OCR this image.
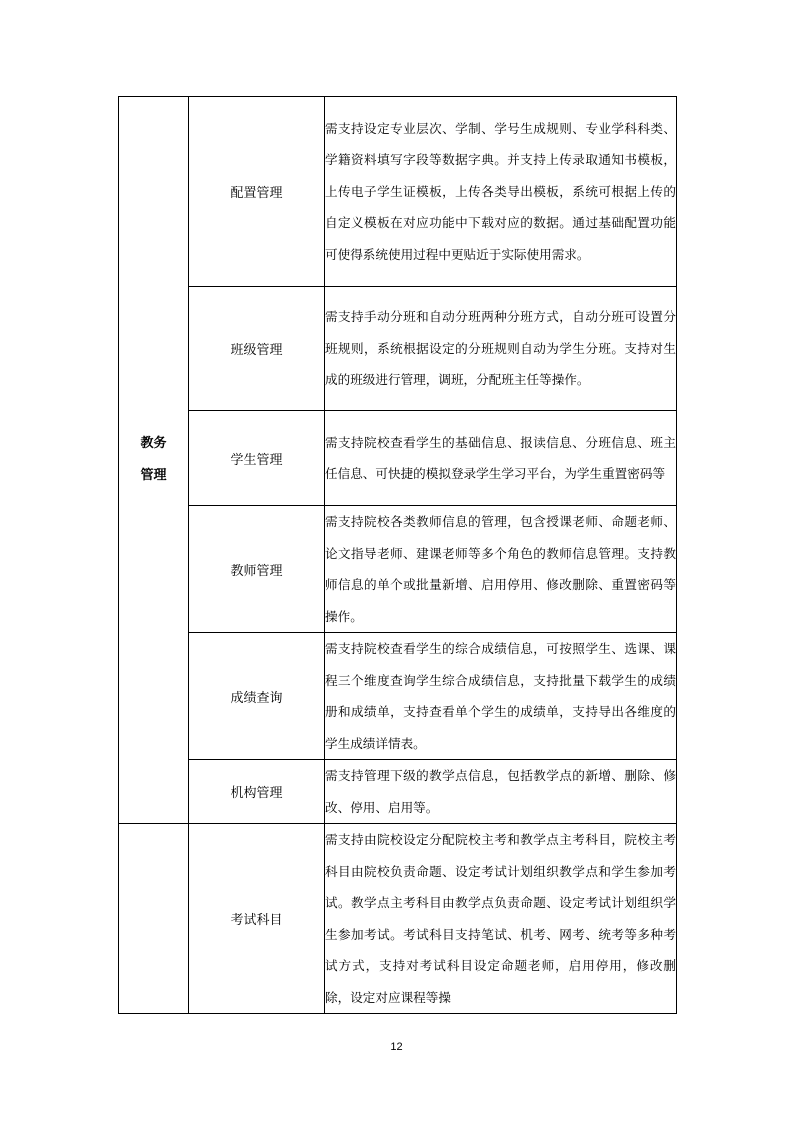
教务管理	配置管理	需支持设定专业层次、学制、学号生成规则、专业学科科类、学籍资料填写字段等数据字典。并支持上传录取通知书模板，上传电子学生证模板，上传各类导出模板，系统可根据上传的自定义模板在对应功能中下载对应的数据。通过基础配置功能可使得系统使用过程中更贴近于实际使用需求。
	班级管理	需支持手动分班和自动分班两种分班方式，自动分班可设置分班规则，系统根据设定的分班规则自动为学生分班。支持对生成的班级进行管理，调班，分配班主任等操作。
	学生管理	需支持院校查看学生的基础信息、报读信息、分班信息、班主任信息、可快捷的模拟登录学生学习平台，为学生重置密码等
	教师管理	需支持院校各类教师信息的管理，包含授课老师、命题老师、论文指导老师、建课老师等多个角色的教师信息管理。支持教师信息的单个或批量新增、启用停用、修改删除、重置密码等操作。
	成绩查询	需支持院校查看学生的综合成绩信息，可按照学生、选课、课程三个维度查询学生综合成绩信息，支持批量下载学生的成绩册和成绩单，支持查看单个学生的成绩单，支持导出各维度的学生成绩详情表。
	机构管理	需支持管理下级的教学点信息，包括教学点的新增、删除、修改、停用、启用等。
	考试科目	需支持由院校设定分配院校主考和教学点主考科目，院校主考科目由院校负责命题、设定考试计划组织教学点和学生参加考试。教学点主考科目由教学点负责命题、设定考试计划组织学生参加考试。考试科目支持笔试、机考、网考、统考等多种考试方式，支持对考试科目设定命题老师，启用停用，修改删除，设定对应课程等操
12
